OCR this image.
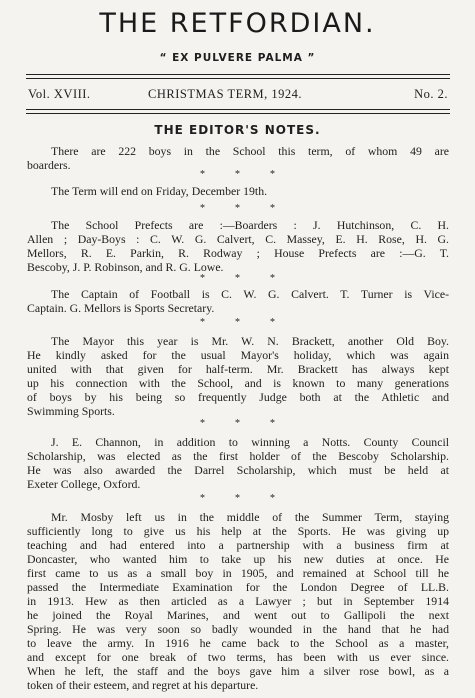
THE RETFORDIAN.
“ EX PULVERE PALMA ”
Vol. XVIII.	CHRISTMAS TERM, 1924.	No. 2.
THE EDITOR'S NOTES.
There are 222 boys in the School this term, of whom 49 are
boarders.
The Term will end on Friday, December 19th.
The School Prefects are :—Boarders : J. Hutchinson, C. H.
Allen ; Day-Boys : C. W. G. Calvert, C. Massey, E. H. Rose, H. G.
Mellors, R. E. Parkin, R. Rodway ; House Prefects are :—G. T.
Bescoby, J. P. Robinson, and R. G. Lowe.
The Captain of Football is C. W. G. Calvert. T. Turner is Vice-
Captain. G. Mellors is Sports Secretary.
The Mayor this year is Mr. W. N. Brackett, another Old Boy.
He kindly asked for the usual Mayor's holiday, which was again
united with that given for half-term. Mr. Brackett has always kept
up his connection with the School, and is known to many generations
of boys by his being so frequently Judge both at the Athletic and
Swimming Sports.
J. E. Channon, in addition to winning a Notts. County Council
Scholarship, was elected as the first holder of the Bescoby Scholarship.
He was also awarded the Darrel Scholarship, which must be held at
Exeter College, Oxford.
Mr. Mosby left us in the middle of the Summer Term, staying
sufficiently long to give us his help at the Sports. He was giving up
teaching and had entered into a partnership with a business firm at
Doncaster, who wanted him to take up his new duties at once. He
first came to us as a small boy in 1905, and remained at School till he
passed the Intermediate Examination for the London Degree of LL.B.
in 1913. Hew as then articled as a Lawyer ; but in September 1914
he joined the Royal Marines, and went out to Gallipoli the next
Spring. He was very soon so badly wounded in the hand that he had
to leave the army. In 1916 he came back to the School as a master,
and except for one break of two terms, has been with us ever since.
When he left, the staff and the boys gave him a silver rose bowl, as a
token of their esteem, and regret at his departure.
*	*	*
*	*	*
*	*	*
*	*	*
*	*	*
*	*	*
